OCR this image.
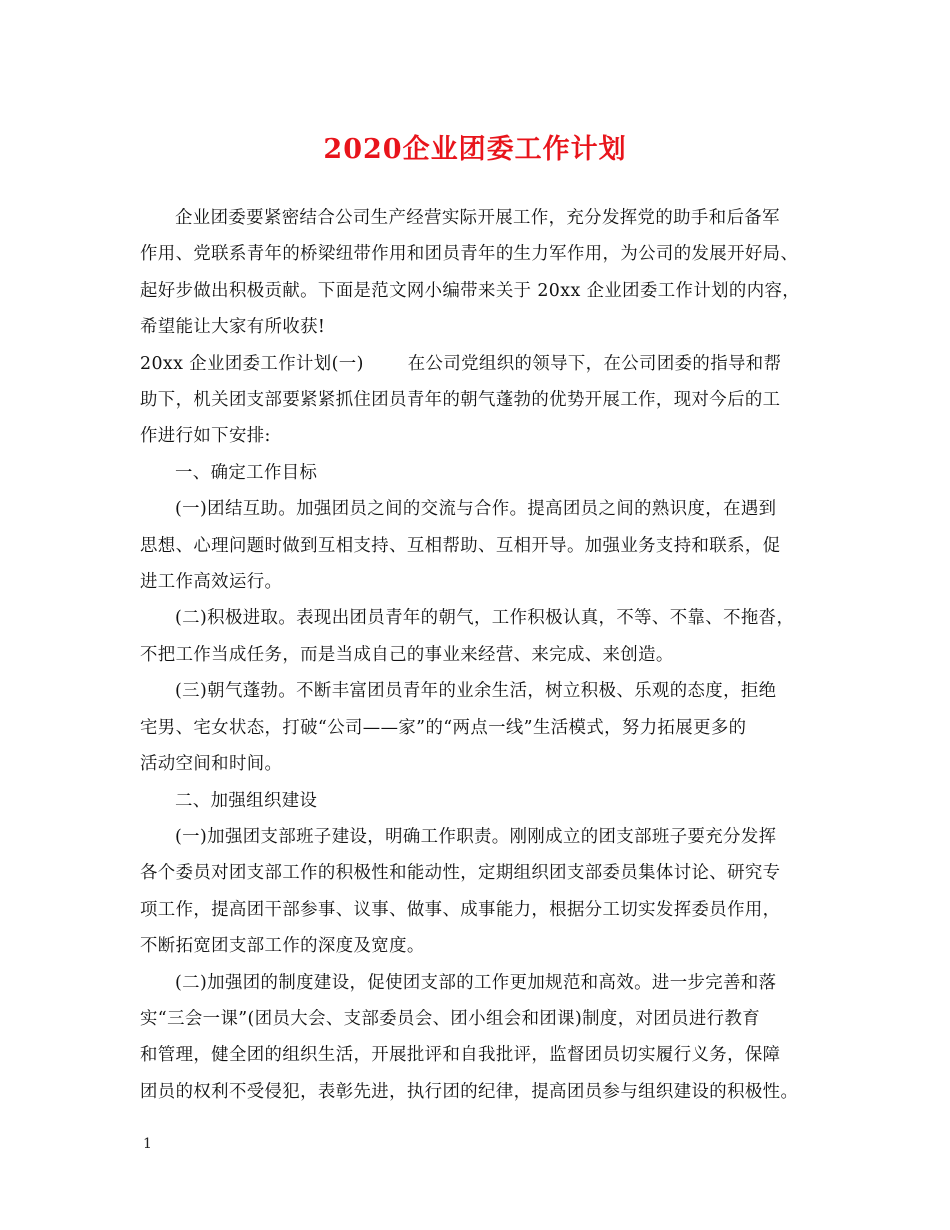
2020企业团委工作计划
企业团委要紧密结合公司生产经营实际开展工作，充分发挥党的助手和后备军
作用、党联系青年的桥梁纽带作用和团员青年的生力军作用，为公司的发展开好局、
起好步做出积极贡献。下面是范文网小编带来关于 20xx 企业团委工作计划的内容，
希望能让大家有所收获!
20xx 企业团委工作计划(一)	在公司党组织的领导下，在公司团委的指导和帮
助下，机关团支部要紧紧抓住团员青年的朝气蓬勃的优势开展工作，现对今后的工
作进行如下安排:
一、确定工作目标
(一)团结互助。加强团员之间的交流与合作。提高团员之间的熟识度，在遇到
思想、心理问题时做到互相支持、互相帮助、互相开导。加强业务支持和联系，促
进工作高效运行。
(二)积极进取。表现出团员青年的朝气，工作积极认真，不等、不靠、不拖沓，
不把工作当成任务，而是当成自己的事业来经营、来完成、来创造。
(三)朝气蓬勃。不断丰富团员青年的业余生活，树立积极、乐观的态度，拒绝
宅男、宅女状态，打破“公司——家”的“两点一线”生活模式，努力拓展更多的
活动空间和时间。
二、加强组织建设
(一)加强团支部班子建设，明确工作职责。刚刚成立的团支部班子要充分发挥
各个委员对团支部工作的积极性和能动性，定期组织团支部委员集体讨论、研究专
项工作，提高团干部参事、议事、做事、成事能力，根据分工切实发挥委员作用，
不断拓宽团支部工作的深度及宽度。
(二)加强团的制度建设，促使团支部的工作更加规范和高效。进一步完善和落
实“三会一课”(团员大会、支部委员会、团小组会和团课)制度，对团员进行教育
和管理，健全团的组织生活，开展批评和自我批评，监督团员切实履行义务，保障
团员的权利不受侵犯，表彰先进，执行团的纪律，提高团员参与组织建设的积极性。
1
